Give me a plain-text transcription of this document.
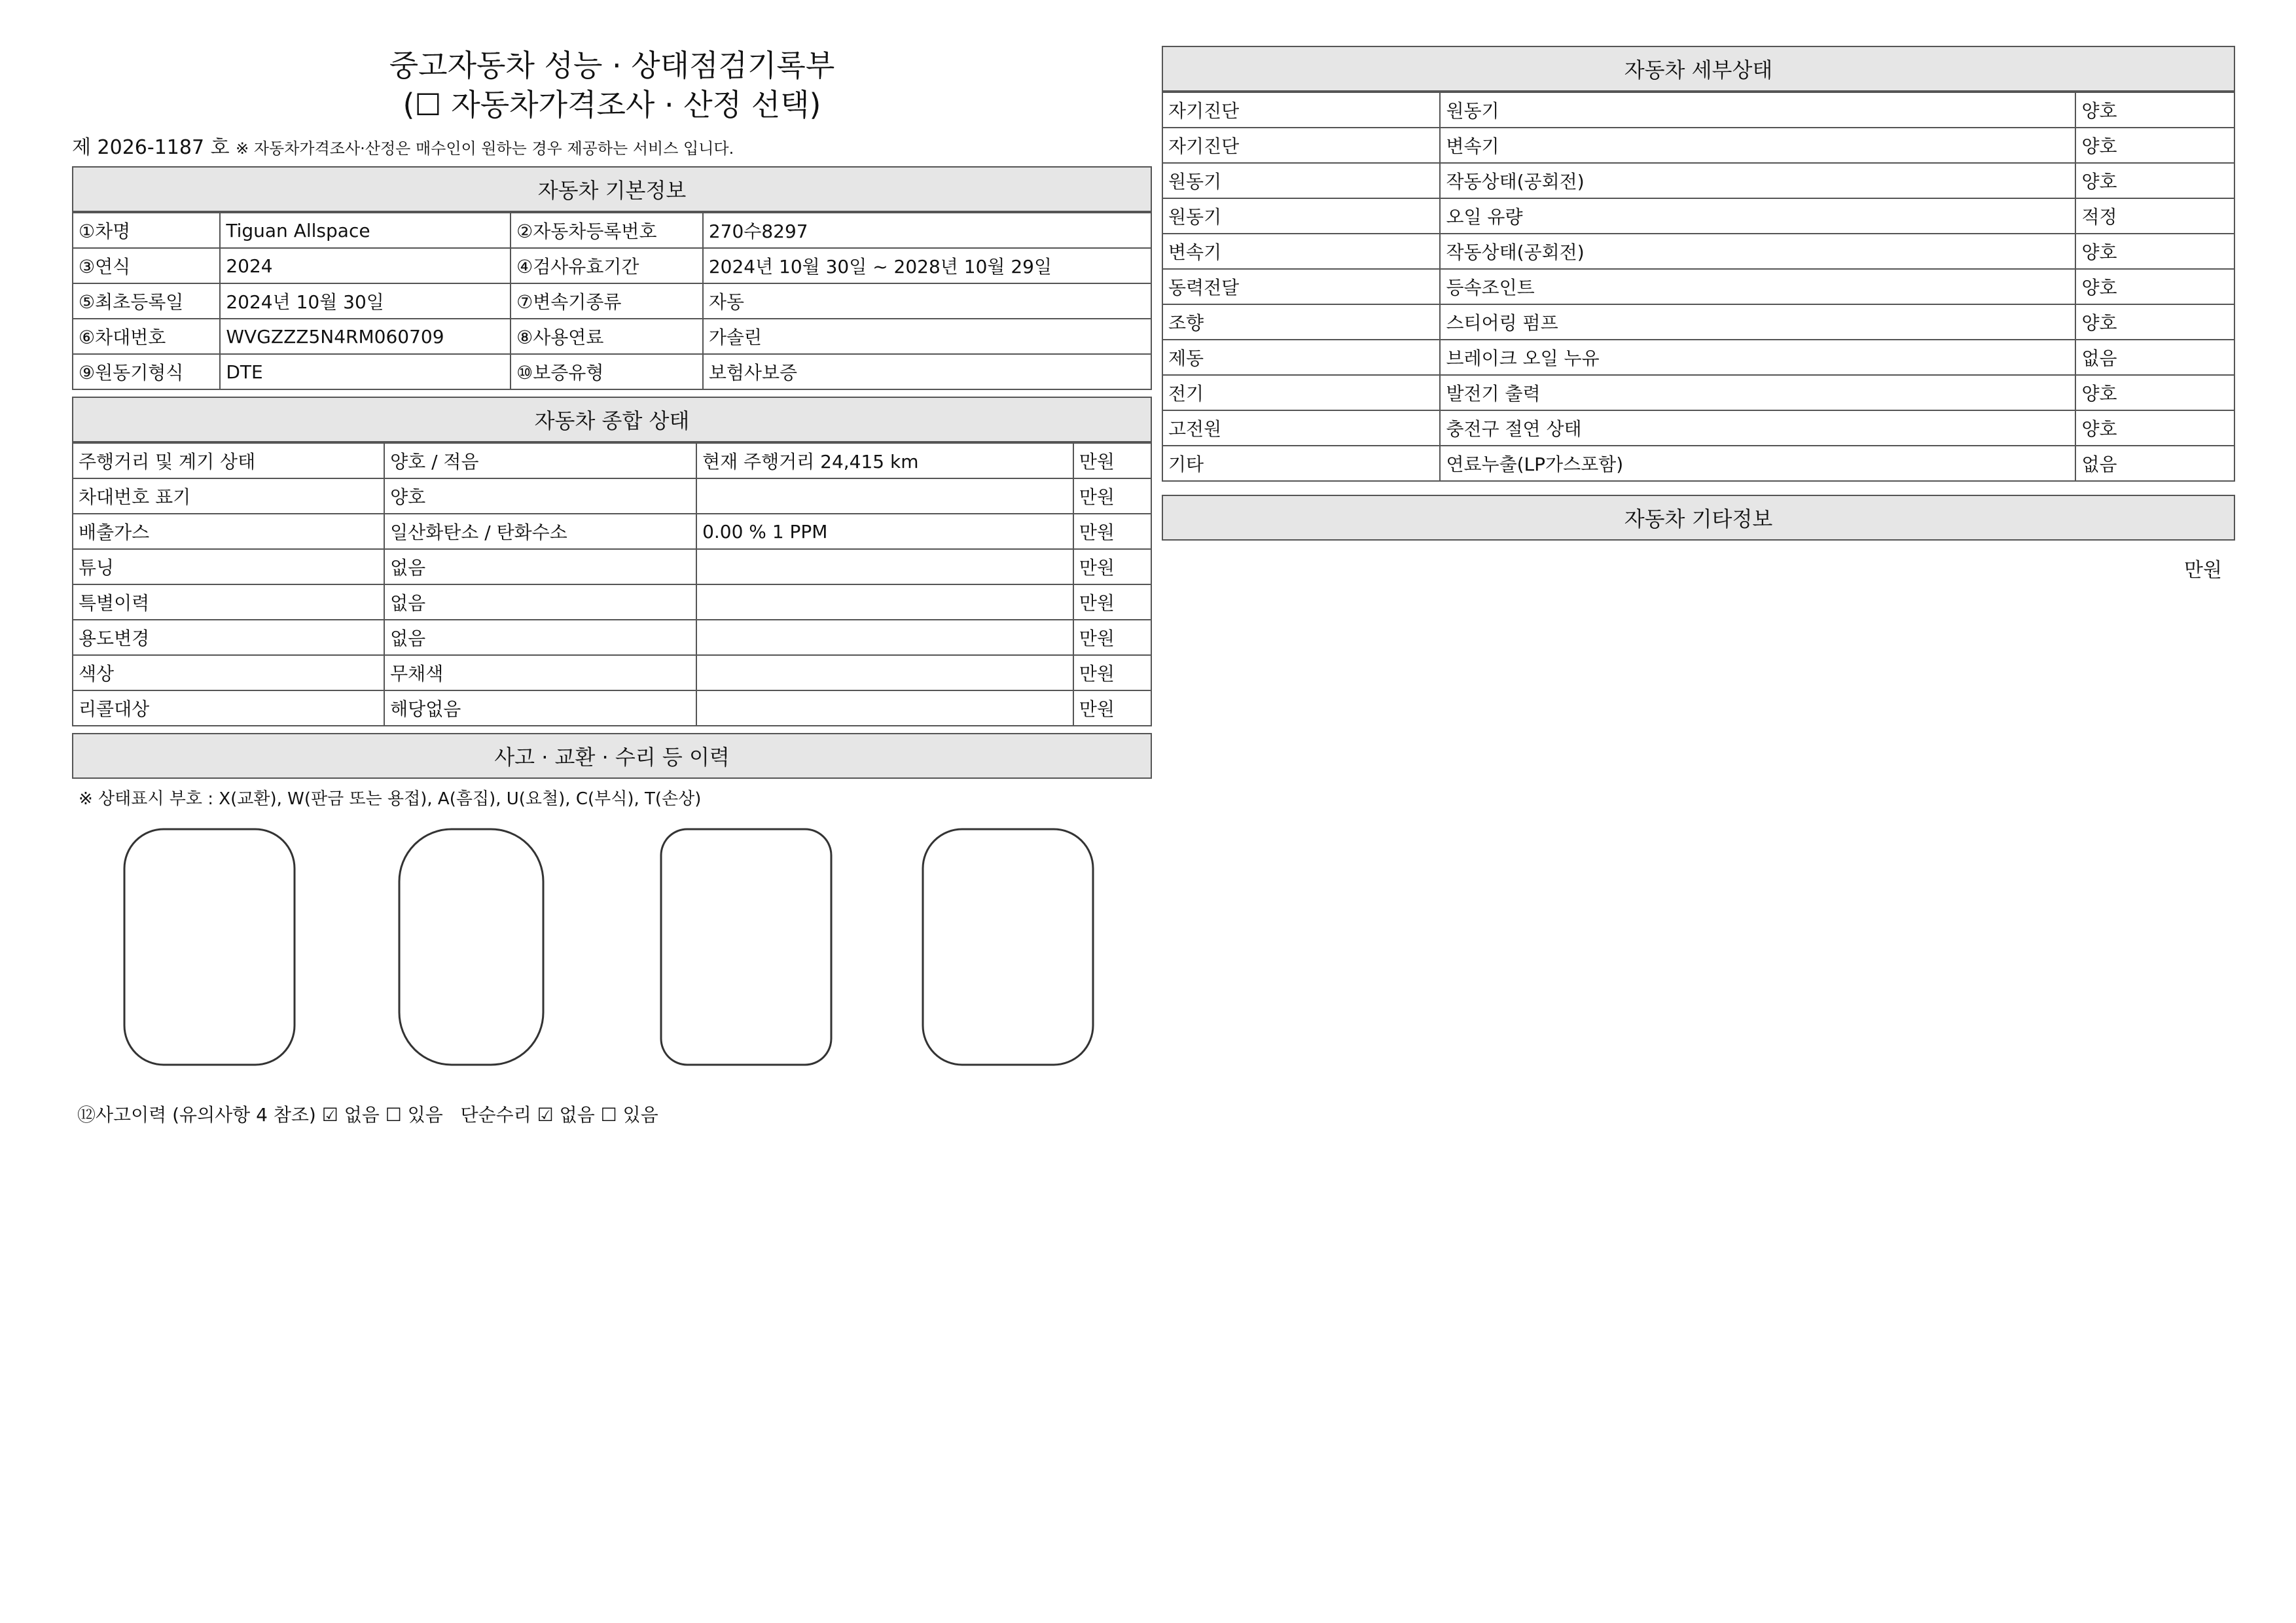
중고자동차 성능 · 상태점검기록부
(☐ 자동차가격조사 · 산정 선택)
제 2026-1187 호 ※ 자동차가격조사·산정은 매수인이 원하는 경우 제공하는 서비스 입니다.
자동차 기본정보
①차명	Tiguan Allspace	②자동차등록번호	270수8297
③연식	2024	④검사유효기간	2024년 10월 30일 ~ 2028년 10월 29일
⑤최초등록일	2024년 10월 30일	⑦변속기종류	자동
⑥차대번호	WVGZZZ5N4RM060709	⑧사용연료	가솔린
⑨원동기형식	DTE	⑩보증유형	보험사보증
자동차 종합 상태
주행거리 및 계기 상태	양호 / 적음	현재 주행거리 24,415 km	만원
차대번호 표기	양호		만원
배출가스	일산화탄소 / 탄화수소	0.00 % 1 PPM	만원
튜닝	없음		만원
특별이력	없음		만원
용도변경	없음		만원
색상	무채색		만원
리콜대상	해당없음		만원
사고 · 교환 · 수리 등 이력
※ 상태표시 부호 : X(교환), W(판금 또는 용접), A(흠집), U(요철), C(부식), T(손상)
⑫사고이력 (유의사항 4 참조) ☑ 없음 ☐ 있음 단순수리 ☑ 없음 ☐ 있음
자동차 세부상태
자기진단	원동기	양호
자기진단	변속기	양호
원동기	작동상태(공회전)	양호
원동기	오일 유량	적정
변속기	작동상태(공회전)	양호
동력전달	등속조인트	양호
조향	스티어링 펌프	양호
제동	브레이크 오일 누유	없음
전기	발전기 출력	양호
고전원	충전구 절연 상태	양호
기타	연료누출(LP가스포함)	없음
자동차 기타정보
만원
